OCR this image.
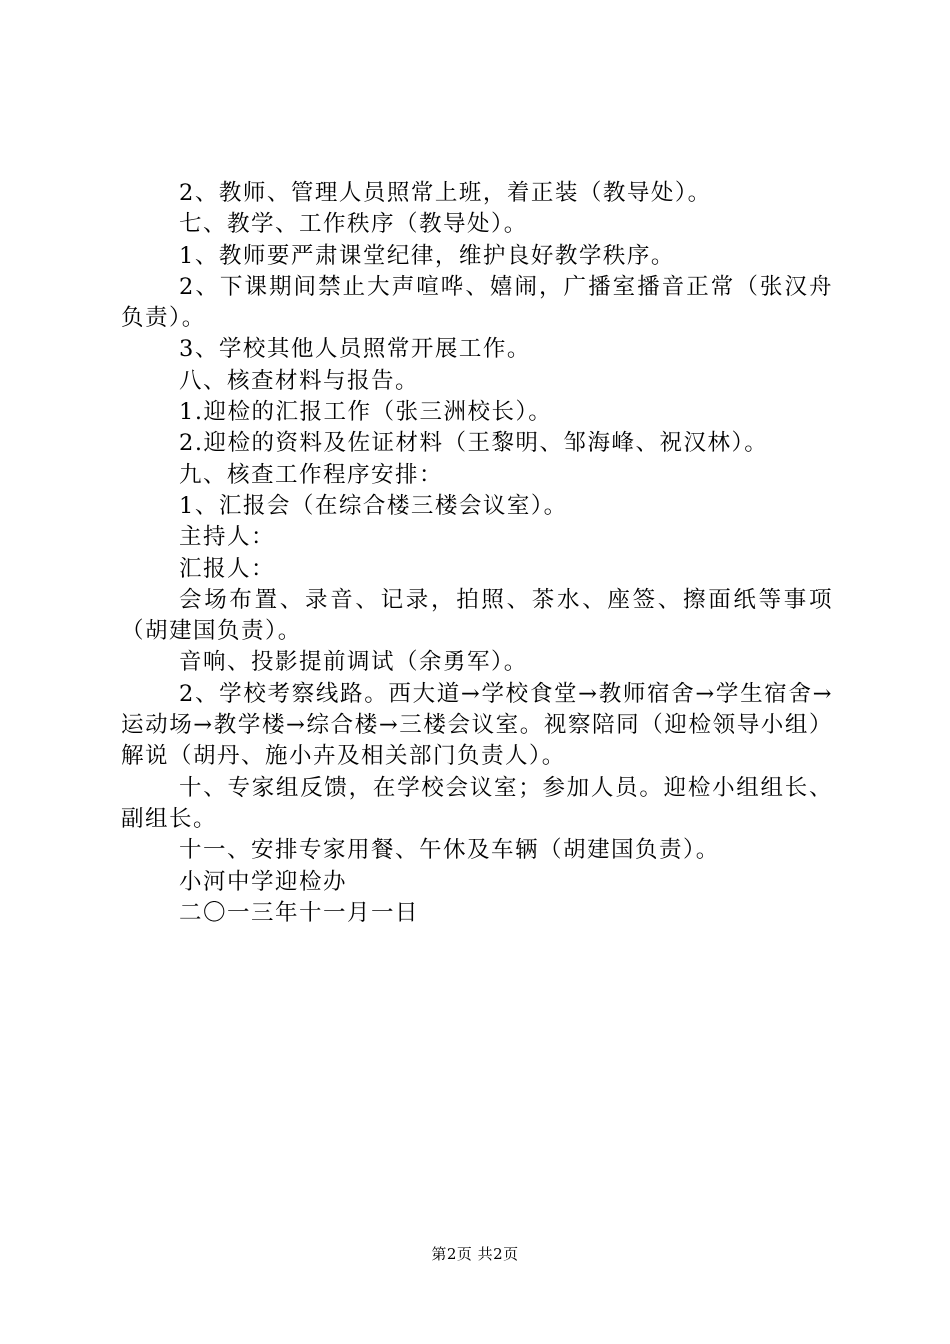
2、教师、管理人员照常上班，着正装（教导处）。

七、教学、工作秩序（教导处）。

1、教师要严肃课堂纪律，维护良好教学秩序。

2、下课期间禁止大声喧哗、嬉闹，广播室播音正常（张汉舟负责）。

3、学校其他人员照常开展工作。

八、核查材料与报告。

1.迎检的汇报工作（张三洲校长）。

2.迎检的资料及佐证材料（王黎明、邹海峰、祝汉林）。

九、核查工作程序安排：

1、汇报会（在综合楼三楼会议室）。

主持人：

汇报人：

会场布置、录音、记录，拍照、茶水、座签、擦面纸等事项（胡建国负责）。

音响、投影提前调试（余勇军）。

2、学校考察线路。西大道→学校食堂→教师宿舍→学生宿舍→运动场→教学楼→综合楼→三楼会议室。视察陪同（迎检领导小组）解说（胡丹、施小卉及相关部门负责人）。

十、专家组反馈，在学校会议室；参加人员。迎检小组组长、副组长。

十一、安排专家用餐、午休及车辆（胡建国负责）。

小河中学迎检办

二〇一三年十一月一日

第2页 共2页
